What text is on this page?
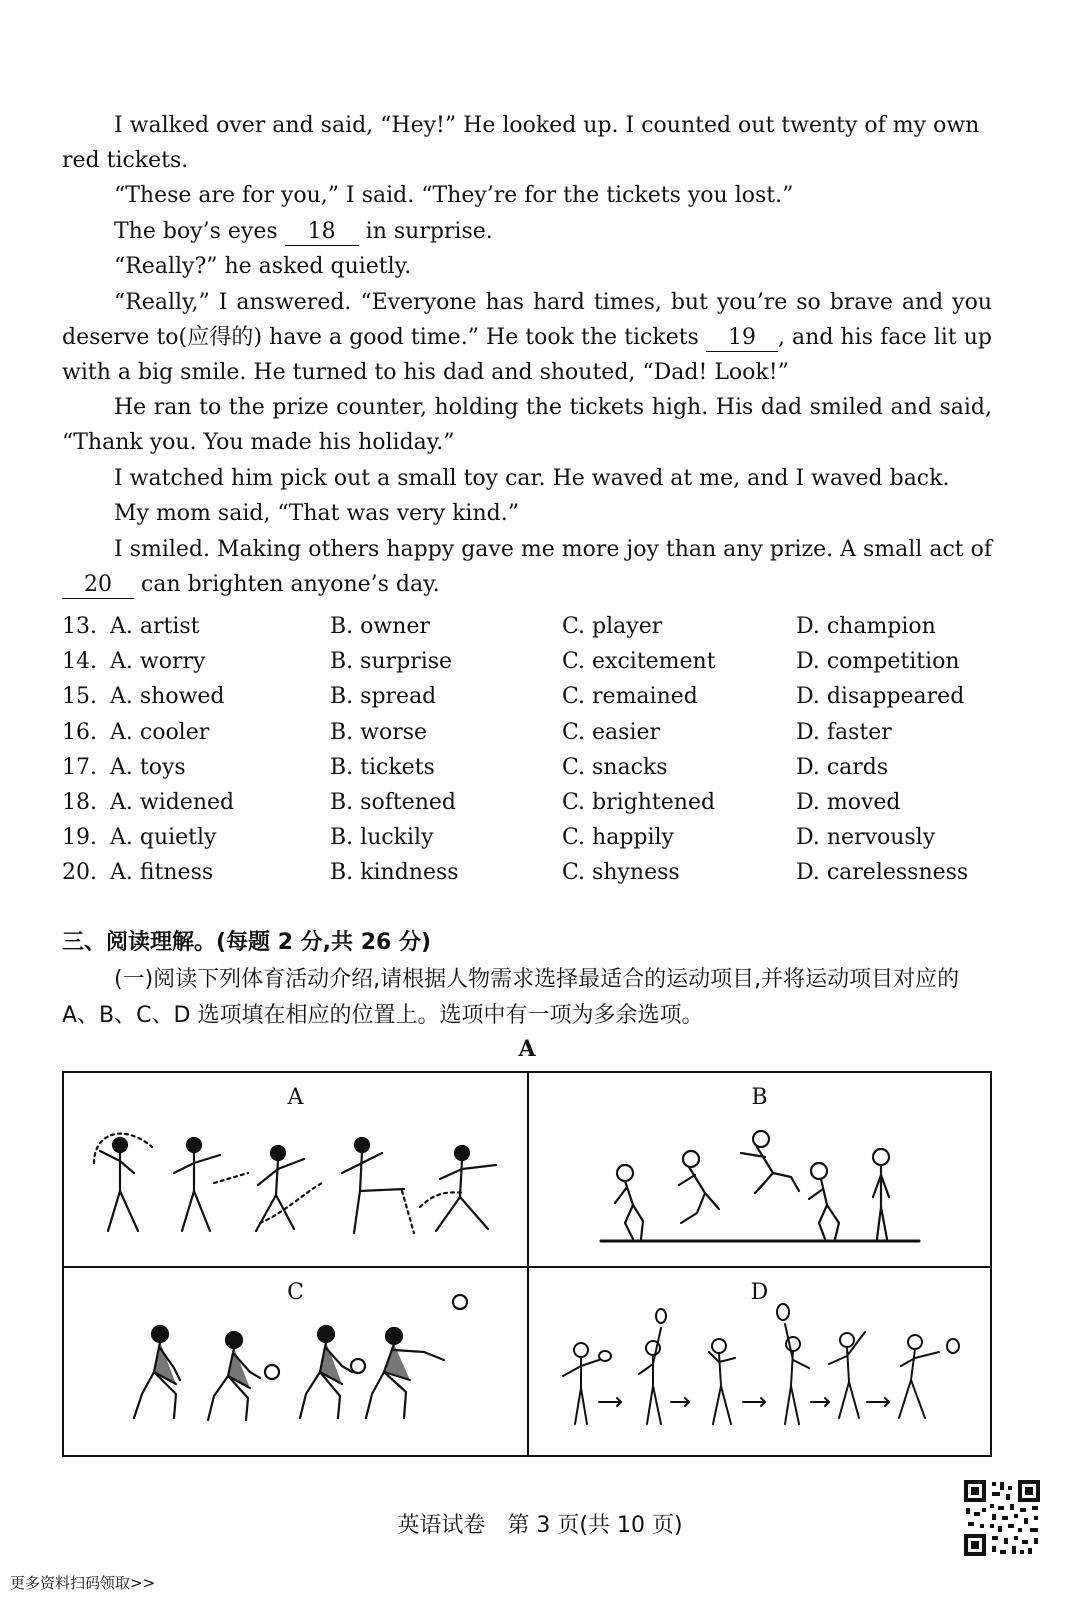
I walked over and said, “Hey!” He looked up. I counted out twenty of my own red tickets.

“These are for you,” I said. “They’re for the tickets you lost.”

The boy’s eyes 18 in surprise.

“Really?” he asked quietly.

“Really,” I answered. “Everyone has hard times, but you’re so brave and you deserve to(应得的) have a good time.” He took the tickets 19 , and his face lit up with a big smile. He turned to his dad and shouted, “Dad! Look!”

He ran to the prize counter, holding the tickets high. His dad smiled and said, “Thank you. You made his holiday.”

I watched him pick out a small toy car. He waved at me, and I waved back.

My mom said, “That was very kind.”

I smiled. Making others happy gave me more joy than any prize. A small act of 20 can brighten anyone’s day.

13. A. artist	B. owner	C. player	D. champion
14. A. worry	B. surprise	C. excitement	D. competition
15. A. showed	B. spread	C. remained	D. disappeared
16. A. cooler	B. worse	C. easier	D. faster
17. A. toys	B. tickets	C. snacks	D. cards
18. A. widened	B. softened	C. brightened	D. moved
19. A. quietly	B. luckily	C. happily	D. nervously
20. A. fitness	B. kindness	C. shyness	D. carelessness
三、阅读理解。(每题 2 分,共 26 分)

(一)阅读下列体育活动介绍,请根据人物需求选择最适合的运动项目,并将运动项目对应的 A、B、C、D 选项填在相应的位置上。选项中有一项为多余选项。

A
A	B
C	D
英语试卷　第 3 页(共 10 页)
更多资料扫码领取>>
